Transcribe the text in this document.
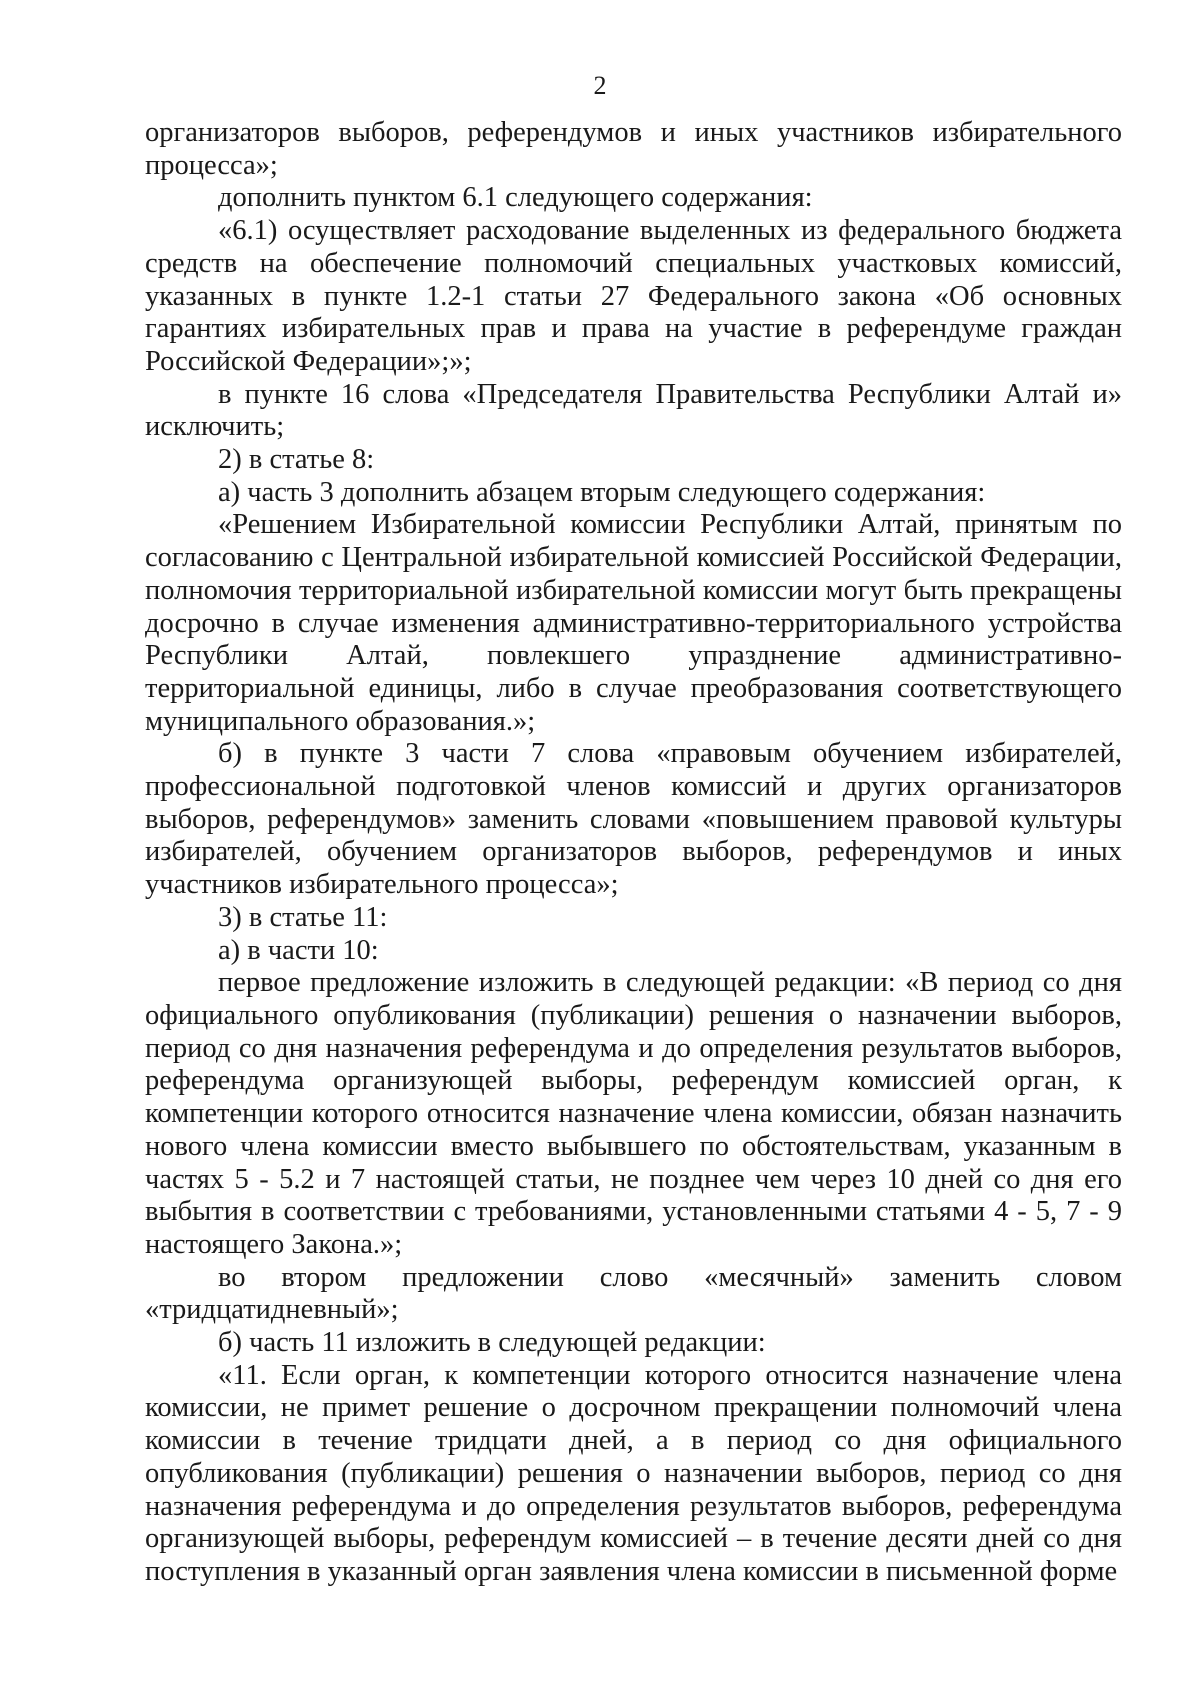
2

организаторов выборов, референдумов и иных участников избирательного процесса»;

дополнить пунктом 6.1 следующего содержания:

«6.1) осуществляет расходование выделенных из федерального бюджета средств на обеспечение полномочий специальных участковых комиссий, указанных в пункте 1.2-1 статьи 27 Федерального закона «Об основных гарантиях избирательных прав и права на участие в референдуме граждан Российской Федерации»;»;

в пункте 16 слова «Председателя Правительства Республики Алтай и» исключить;

2) в статье 8:

а) часть 3 дополнить абзацем вторым следующего содержания:

«Решением Избирательной комиссии Республики Алтай, принятым по согласованию с Центральной избирательной комиссией Российской Федерации, полномочия территориальной избирательной комиссии могут быть прекращены досрочно в случае изменения административно-территориального устройства Республики Алтай, повлекшего упразднение административно-территориальной единицы, либо в случае преобразования соответствующего муниципального образования.»;

б) в пункте 3 части 7 слова «правовым обучением избирателей, профессиональной подготовкой членов комиссий и других организаторов выборов, референдумов» заменить словами «повышением правовой культуры избирателей, обучением организаторов выборов, референдумов и иных участников избирательного процесса»;

3) в статье 11:

а) в части 10:

первое предложение изложить в следующей редакции: «В период со дня официального опубликования (публикации) решения о назначении выборов, период со дня назначения референдума и до определения результатов выборов, референдума организующей выборы, референдум комиссией орган, к компетенции которого относится назначение члена комиссии, обязан назначить нового члена комиссии вместо выбывшего по обстоятельствам, указанным в частях 5 - 5.2 и 7 настоящей статьи, не позднее чем через 10 дней со дня его выбытия в соответствии с требованиями, установленными статьями 4 - 5, 7 - 9 настоящего Закона.»;

во втором предложении слово «месячный» заменить словом «тридцатидневный»;

б) часть 11 изложить в следующей редакции:

«11. Если орган, к компетенции которого относится назначение члена комиссии, не примет решение о досрочном прекращении полномочий члена комиссии в течение тридцати дней, а в период со дня официального опубликования (публикации) решения о назначении выборов, период со дня назначения референдума и до определения результатов выборов, референдума организующей выборы, референдум комиссией – в течение десяти дней со дня поступления в указанный орган заявления члена комиссии в письменной форме
